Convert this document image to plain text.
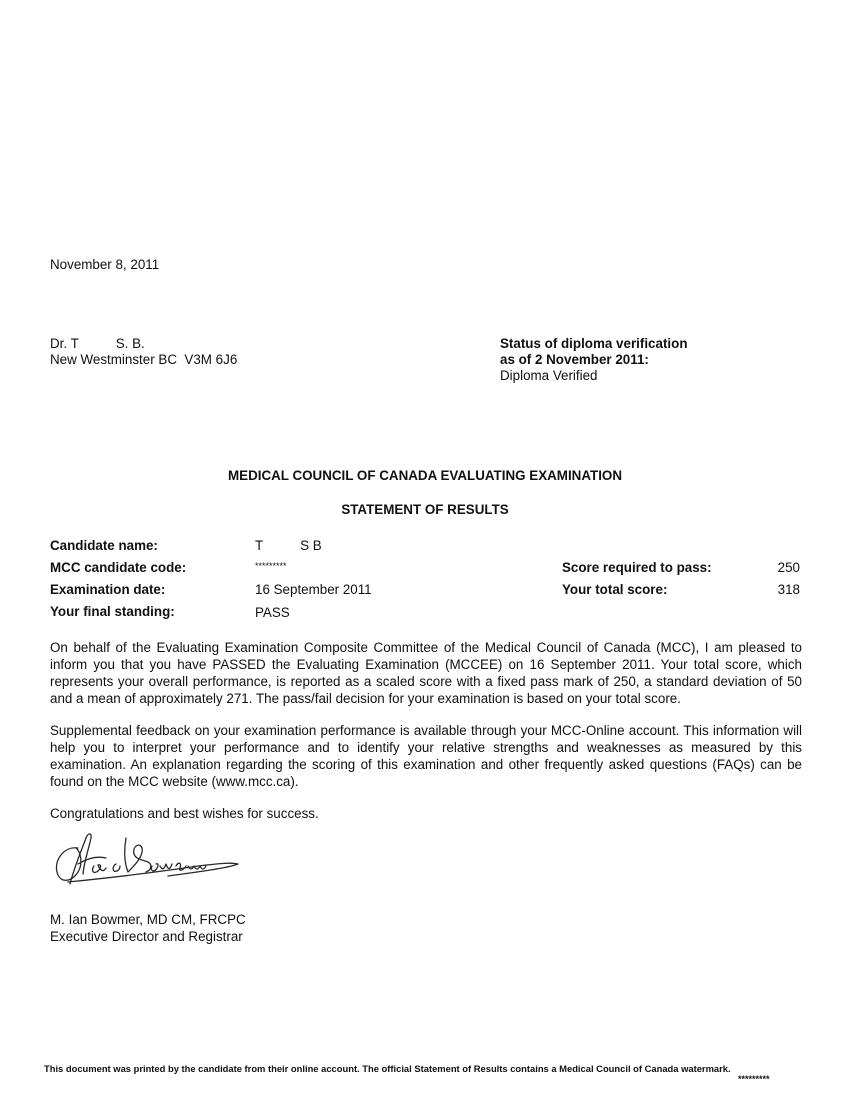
November 8, 2011
Dr. T          S. B.
New Westminster BC  V3M 6J6
Status of diploma verification
as of 2 November 2011:
Diploma Verified
MEDICAL COUNCIL OF CANADA EVALUATING EXAMINATION
STATEMENT OF RESULTS
Candidate name:	T          S B
MCC candidate code:	*********
Examination date:	16 September 2011
Your final standing:	PASS
Score required to pass:	250
Your total score:	318
On behalf of the Evaluating Examination Composite Committee of the Medical Council of Canada (MCC), I am pleased to inform you that you have PASSED the Evaluating Examination (MCCEE) on 16 September 2011. Your total score, which represents your overall performance, is reported as a scaled score with a fixed pass mark of 250, a standard deviation of 50 and a mean of approximately 271. The pass/fail decision for your examination is based on your total score.
Supplemental feedback on your examination performance is available through your MCC-Online account. This information will help you to interpret your performance and to identify your relative strengths and weaknesses as measured by this examination. An explanation regarding the scoring of this examination and other frequently asked questions (FAQs) can be found on the MCC website (www.mcc.ca).
Congratulations and best wishes for success.
M. Ian Bowmer, MD CM, FRCPC
Executive Director and Registrar
This document was printed by the candidate from their online account. The official Statement of Results contains a Medical Council of Canada watermark.
*********
